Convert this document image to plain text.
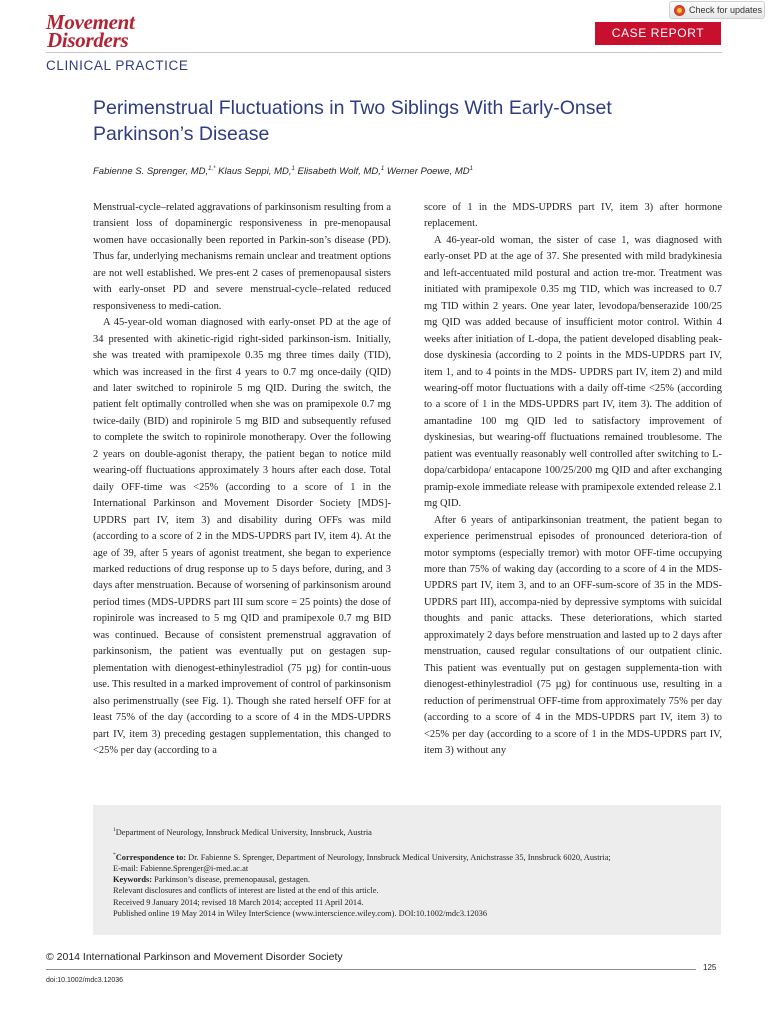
Movement
Disorders
CLINICAL PRACTICE
CASE REPORT
Check for updates
Perimenstrual Fluctuations in Two Siblings With Early-Onset Parkinson’s Disease
Fabienne S. Sprenger, MD,$^{1,*}$ Klaus Seppi, MD,$^1$ Elisabeth Wolf, MD,$^1$ Werner Poewe, $MD^1$

Menstrual-cycle–related aggravations of parkinsonism resulting from a transient loss of dopaminergic responsiveness in pre-menopausal women have occasionally been reported in Parkin-son’s disease (PD). Thus far, underlying mechanisms remain unclear and treatment options are not well established. We pres-ent 2 cases of premenopausal sisters with early-onset PD and severe menstrual-cycle–related reduced responsiveness to medi-cation.

A 45-year-old woman diagnosed with early-onset PD at the age of 34 presented with akinetic-rigid right-sided parkinson-ism. Initially, she was treated with pramipexole 0.35 mg three times daily (TID), which was increased in the first 4 years to 0.7 mg once-daily (QID) and later switched to ropinirole 5 mg QID. During the switch, the patient felt optimally controlled when she was on pramipexole 0.7 mg twice-daily (BID) and ropinirole 5 mg BID and subsequently refused to complete the switch to ropinirole monotherapy. Over the following 2 years on double-agonist therapy, the patient began to notice mild wearing-off fluctuations approximately 3 hours after each dose. Total daily OFF-time was <25% (according to a score of 1 in the International Parkinson and Movement Disorder Society [MDS]-UPDRS part IV, item 3) and disability during OFFs was mild (according to a score of 2 in the MDS-UPDRS part IV, item 4). At the age of 39, after 5 years of agonist treatment, she began to experience marked reductions of drug response up to 5 days before, during, and 3 days after menstruation. Because of worsening of parkinsonism around period times (MDS-UPDRS part III sum score = 25 points) the dose of ropinirole was increased to 5 mg QID and pramipexole 0.7 mg BID was continued. Because of consistent premenstrual aggravation of parkinsonism, the patient was eventually put on gestagen sup-plementation with dienogest-ethinylestradiol (75 µg) for contin-uous use. This resulted in a marked improvement of control of parkinsonism also perimenstrually (see Fig. 1). Though she rated herself OFF for at least 75% of the day (according to a score of 4 in the MDS-UPDRS part IV, item 3) preceding gestagen supplementation, this changed to <25% per day (according to a

score of 1 in the MDS-UPDRS part IV, item 3) after hormone replacement.

A 46-year-old woman, the sister of case 1, was diagnosed with early-onset PD at the age of 37. She presented with mild bradykinesia and left-accentuated mild postural and action tre-mor. Treatment was initiated with pramipexole 0.35 mg TID, which was increased to 0.7 mg TID within 2 years. One year later, levodopa/benserazide 100/25 mg QID was added because of insufficient motor control. Within 4 weeks after initiation of L-dopa, the patient developed disabling peak-dose dyskinesia (according to 2 points in the MDS-UPDRS part IV, item 1, and to 4 points in the MDS- UPDRS part IV, item 2) and mild wearing-off motor fluctuations with a daily off-time <25% (according to a score of 1 in the MDS-UPDRS part IV, item 3). The addition of amantadine 100 mg QID led to satisfactory improvement of dyskinesias, but wearing-off fluctuations remained troublesome. The patient was eventually reasonably well controlled after switching to L-dopa/carbidopa/ entacapone 100/25/200 mg QID and after exchanging pramip-exole immediate release with pramipexole extended release 2.1 mg QID.

After 6 years of antiparkinsonian treatment, the patient began to experience perimenstrual episodes of pronounced deteriora-tion of motor symptoms (especially tremor) with motor OFF-time occupying more than 75% of waking day (according to a score of 4 in the MDS-UPDRS part IV, item 3, and to an OFF-sum-score of 35 in the MDS-UPDRS part III), accompa-nied by depressive symptoms with suicidal thoughts and panic attacks. These deteriorations, which started approximately 2 days before menstruation and lasted up to 2 days after menstruation, caused regular consultations of our outpatient clinic. This patient was eventually put on gestagen supplementa-tion with dienogest-ethinylestradiol (75 µg) for continuous use, resulting in a reduction of perimenstrual OFF-time from approximately 75% per day (according to a score of 4 in the MDS-UPDRS part IV, item 3) to <25% per day (according to a score of 1 in the MDS-UPDRS part IV, item 3) without any

$^1$Department of Neurology, Innsbruck Medical University, Innsbruck, Austria
*Correspondence to: Dr. Fabienne S. Sprenger, Department of Neurology, Innsbruck Medical University, Anichstrasse 35, Innsbruck 6020, Austria;
E-mail: Fabienne.Sprenger@i-med.ac.at
Keywords: Parkinson’s disease, premenopausal, gestagen.
Relevant disclosures and conflicts of interest are listed at the end of this article.
Received 9 January 2014; revised 18 March 2014; accepted 11 April 2014.
Published online 19 May 2014 in Wiley InterScience (www.interscience.wiley.com). DOI:10.1002/mdc3.12036
© 2014 International Parkinson and Movement Disorder Society
125
doi:10.1002/mdc3.12036
